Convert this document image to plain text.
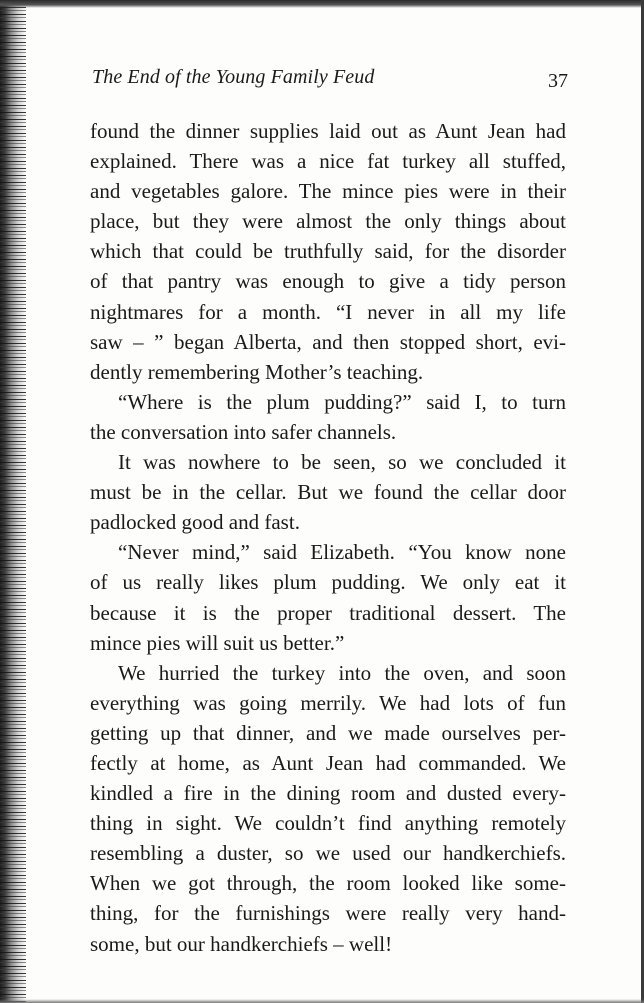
The End of the Young Family Feud	37
found the dinner supplies laid out as Aunt Jean had
explained. There was a nice fat turkey all stuffed,
and vegetables galore. The mince pies were in their
place, but they were almost the only things about
which that could be truthfully said, for the disorder
of that pantry was enough to give a tidy person
nightmares for a month. “I never in all my life
saw – ” began Alberta, and then stopped short, evi-
dently remembering Mother’s teaching.
“Where is the plum pudding?” said I, to turn
the conversation into safer channels.
It was nowhere to be seen, so we concluded it
must be in the cellar. But we found the cellar door
padlocked good and fast.
“Never mind,” said Elizabeth. “You know none
of us really likes plum pudding. We only eat it
because it is the proper traditional dessert. The
mince pies will suit us better.”
We hurried the turkey into the oven, and soon
everything was going merrily. We had lots of fun
getting up that dinner, and we made ourselves per-
fectly at home, as Aunt Jean had commanded. We
kindled a fire in the dining room and dusted every-
thing in sight. We couldn’t find anything remotely
resembling a duster, so we used our handkerchiefs.
When we got through, the room looked like some-
thing, for the furnishings were really very hand-
some, but our handkerchiefs – well!
